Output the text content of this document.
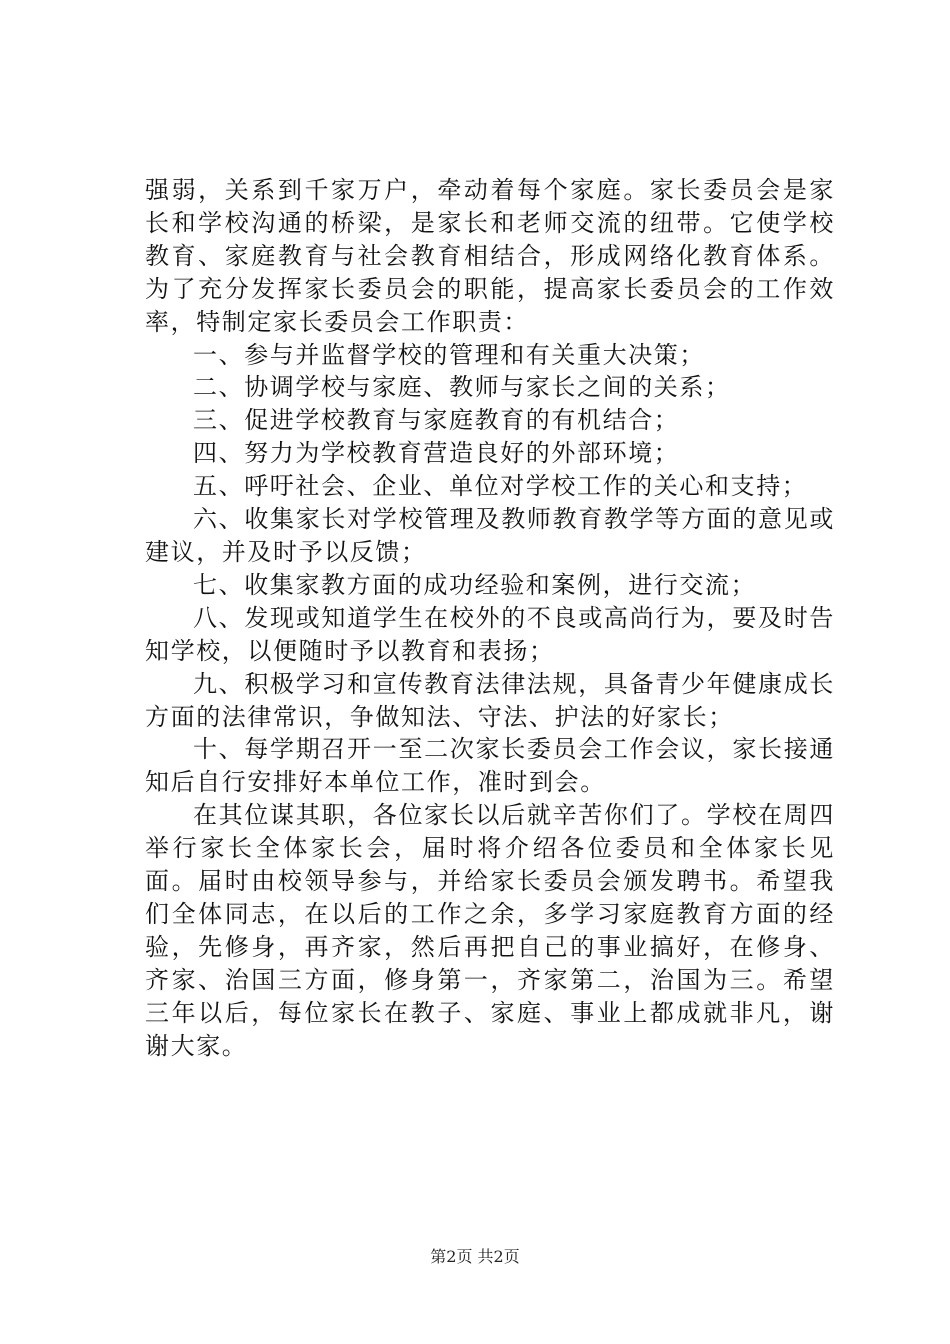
强弱，关系到千家万户，牵动着每个家庭。家长委员会是家长和学校沟通的桥梁，是家长和老师交流的纽带。它使学校教育、家庭教育与社会教育相结合，形成网络化教育体系。为了充分发挥家长委员会的职能，提高家长委员会的工作效率，特制定家长委员会工作职责：

一、参与并监督学校的管理和有关重大决策；

二、协调学校与家庭、教师与家长之间的关系；

三、促进学校教育与家庭教育的有机结合；

四、努力为学校教育营造良好的外部环境；

五、呼吁社会、企业、单位对学校工作的关心和支持；

六、收集家长对学校管理及教师教育教学等方面的意见或建议，并及时予以反馈；

七、收集家教方面的成功经验和案例，进行交流；

八、发现或知道学生在校外的不良或高尚行为，要及时告知学校，以便随时予以教育和表扬；

九、积极学习和宣传教育法律法规，具备青少年健康成长方面的法律常识，争做知法、守法、护法的好家长；

十、每学期召开一至二次家长委员会工作会议，家长接通知后自行安排好本单位工作，准时到会。

在其位谋其职，各位家长以后就辛苦你们了。学校在周四举行家长全体家长会，届时将介绍各位委员和全体家长见面。届时由校领导参与，并给家长委员会颁发聘书。希望我们全体同志，在以后的工作之余，多学习家庭教育方面的经验，先修身，再齐家，然后再把自己的事业搞好，在修身、齐家、治国三方面，修身第一，齐家第二，治国为三。希望三年以后，每位家长在教子、家庭、事业上都成就非凡，谢谢大家。

第2页 共2页
